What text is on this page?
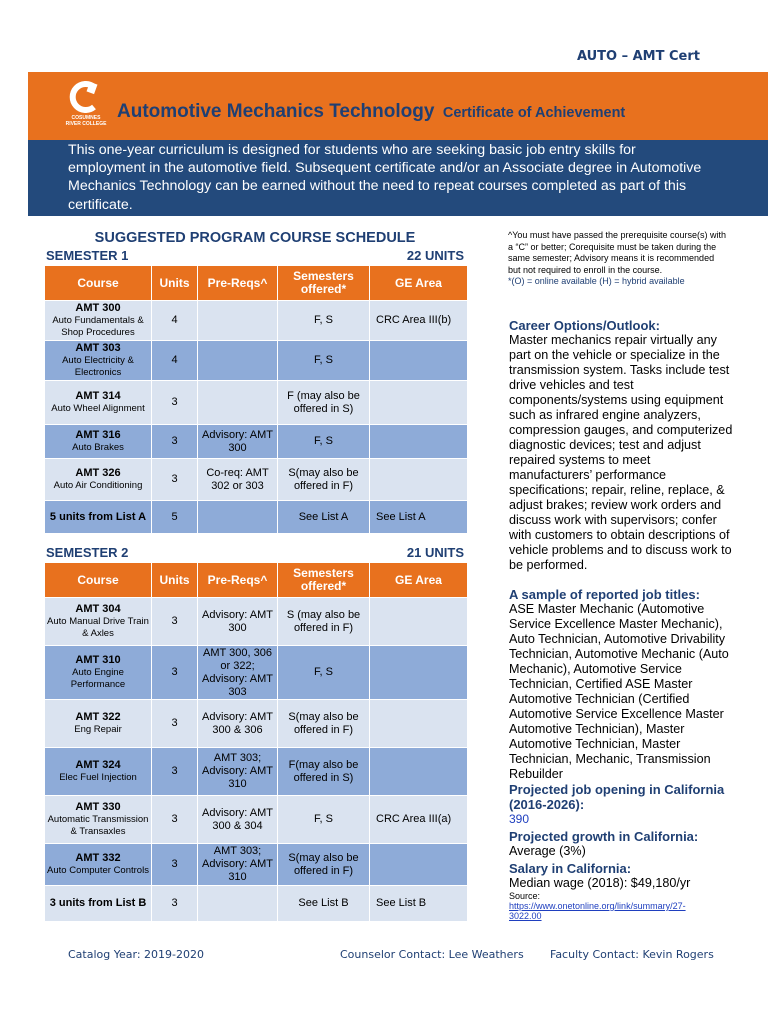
AUTO – AMT Cert
COSUMNES RIVER COLLEGE
Automotive Mechanics Technology Certificate of Achievement

This one-year curriculum is designed for students who are seeking basic job entry skills for employment in the automotive field. Subsequent certificate and/or an Associate degree in Automotive Mechanics Technology can be earned without the need to repeat courses completed as part of this certificate.

SUGGESTED PROGRAM COURSE SCHEDULE
SEMESTER 1	22 UNITS
Course	Units	Pre-Reqs^	Semesters offered*	GE Area

AMT 300
Auto Fundamentals & Shop Procedures	4		F, S	CRC Area III(b)

AMT 303
Auto Electricity & Electronics	4		F, S	

AMT 314
Auto Wheel Alignment	3		F (may also be offered in S)	

AMT 316
Auto Brakes	3	Advisory: AMT 300	F, S	

AMT 326
Auto Air Conditioning	3	Co-req: AMT 302 or 303	S(may also be offered in F)	
5 units from List A	5		See List A	See List A
SEMESTER 2	21 UNITS
Course	Units	Pre-Reqs^	Semesters offered*	GE Area

AMT 304
Auto Manual Drive Train & Axles	3	Advisory: AMT 300	S (may also be offered in F)	

AMT 310
Auto Engine Performance	3	AMT 300, 306 or 322; Advisory: AMT 303	F, S	

AMT 322
Eng Repair	3	Advisory: AMT 300 & 306	S(may also be offered in F)	

AMT 324
Elec Fuel Injection	3	AMT 303; Advisory: AMT 310	F(may also be offered in S)	

AMT 330
Automatic Transmission & Transaxles	3	Advisory: AMT 300 & 304	F, S	CRC Area III(a)

AMT 332
Auto Computer Controls	3	AMT 303; Advisory: AMT 310	S(may also be offered in F)	
3 units from List B	3		See List B	See List B
^You must have passed the prerequisite course(s) with a “C” or better; Corequisite must be taken during the same semester; Advisory means it is recommended but not required to enroll in the course.
*(O) = online available (H) = hybrid available
Career Options/Outlook:
Master mechanics repair virtually any part on the vehicle or specialize in the transmission system. Tasks include test drive vehicles and test components/systems using equipment such as infrared engine analyzers, compression gauges, and computerized diagnostic devices; test and adjust repaired systems to meet manufacturers’ performance specifications; repair, reline, replace, & adjust brakes; review work orders and discuss work with supervisors; confer with customers to obtain descriptions of vehicle problems and to discuss work to be performed.
A sample of reported job titles:
ASE Master Mechanic (Automotive Service Excellence Master Mechanic), Auto Technician, Automotive Drivability Technician, Automotive Mechanic (Auto Mechanic), Automotive Service Technician, Certified ASE Master Automotive Technician (Certified Automotive Service Excellence Master Automotive Technician), Master Automotive Technician, Master Technician, Mechanic, Transmission Rebuilder
Projected job opening in California (2016-2026):
390
Projected growth in California:
Average (3%)
Salary in California:
Median wage (2018): $49,180/yr
Source:
https://www.onetonline.org/link/summary/27-3022.00
Catalog Year: 2019-2020	Counselor Contact: Lee Weathers Faculty Contact: Kevin Rogers
